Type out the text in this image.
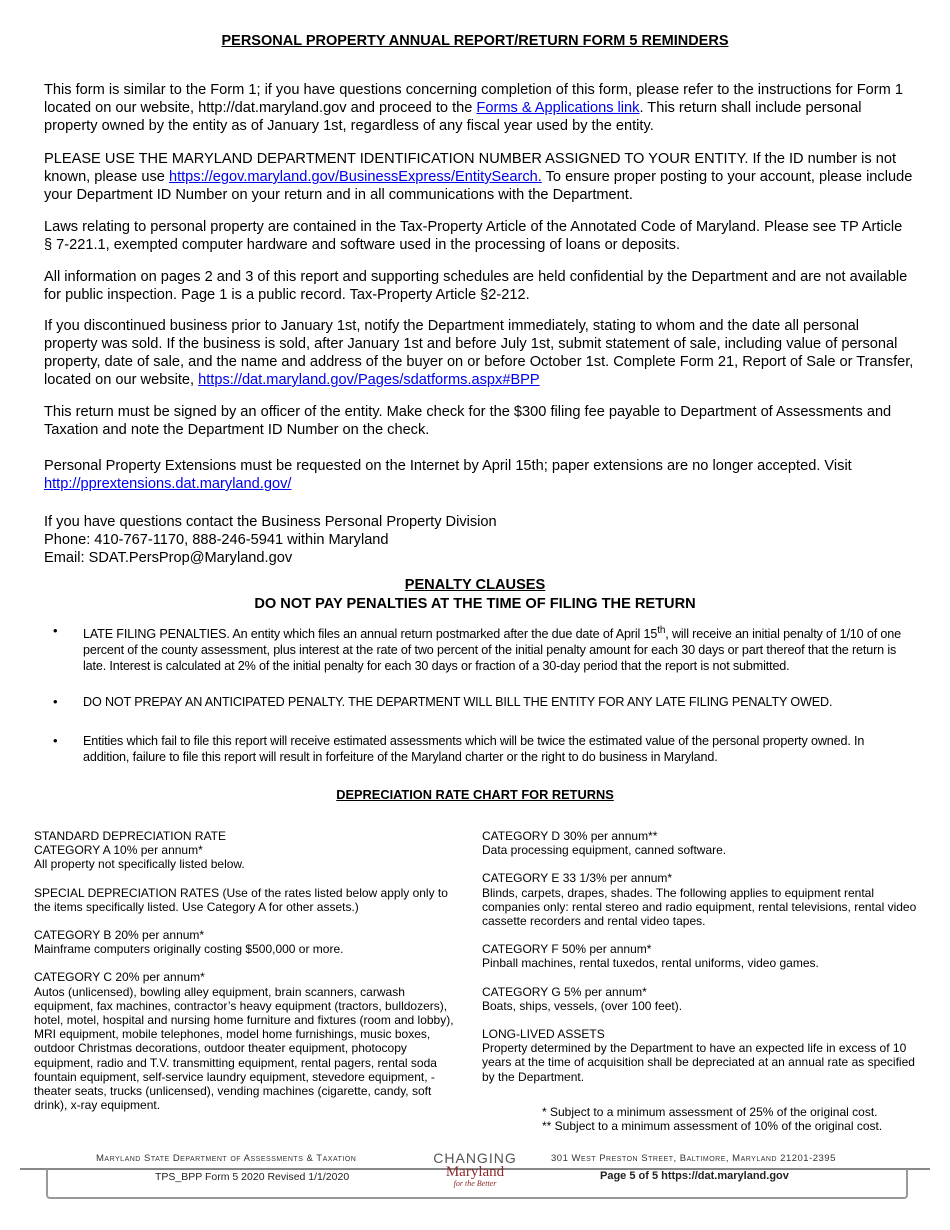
PERSONAL PROPERTY ANNUAL REPORT/RETURN FORM 5 REMINDERS

This form is similar to the Form 1; if you have questions concerning completion of this form, please refer to the instructions for Form 1 located on our website, http://dat.maryland.gov and proceed to the Forms & Applications link. This return shall include personal property owned by the entity as of January 1st, regardless of any fiscal year used by the entity.

PLEASE USE THE MARYLAND DEPARTMENT IDENTIFICATION NUMBER ASSIGNED TO YOUR ENTITY. If the ID number is not known, please use https://egov.maryland.gov/BusinessExpress/EntitySearch. To ensure proper posting to your account, please include your Department ID Number on your return and in all communications with the Department.

Laws relating to personal property are contained in the Tax-Property Article of the Annotated Code of Maryland. Please see TP Article § 7-221.1, exempted computer hardware and software used in the processing of loans or deposits.

All information on pages 2 and 3 of this report and supporting schedules are held confidential by the Department and are not available for public inspection. Page 1 is a public record. Tax-Property Article §2-212.

If you discontinued business prior to January 1st, notify the Department immediately, stating to whom and the date all personal property was sold. If the business is sold, after January 1st and before July 1st, submit statement of sale, including value of personal property, date of sale, and the name and address of the buyer on or before October 1st. Complete Form 21, Report of Sale or Transfer, located on our website, https://dat.maryland.gov/Pages/sdatforms.aspx#BPP

This return must be signed by an officer of the entity. Make check for the $300 filing fee payable to Department of Assessments and Taxation and note the Department ID Number on the check.

Personal Property Extensions must be requested on the Internet by April 15th; paper extensions are no longer accepted. Visit http://pprextensions.dat.maryland.gov/

If you have questions contact the Business Personal Property Division
Phone: 410-767-1170, 888-246-5941 within Maryland
Email: SDAT.PersProp@Maryland.gov
PENALTY CLAUSES
DO NOT PAY PENALTIES AT THE TIME OF FILING THE RETURN
• LATE FILING PENALTIES. An entity which files an annual return postmarked after the due date of April 15th, will receive an initial penalty of 1/10 of one percent of the county assessment, plus interest at the rate of two percent of the initial penalty amount for each 30 days or part thereof that the return is late. Interest is calculated at 2% of the initial penalty for each 30 days or fraction of a 30-day period that the report is not submitted.
• DO NOT PREPAY AN ANTICIPATED PENALTY. THE DEPARTMENT WILL BILL THE ENTITY FOR ANY LATE FILING PENALTY OWED.
• Entities which fail to file this report will receive estimated assessments which will be twice the estimated value of the personal property owned. In addition, failure to file this report will result in forfeiture of the Maryland charter or the right to do business in Maryland.
DEPRECIATION RATE CHART FOR RETURNS

STANDARD DEPRECIATION RATE
CATEGORY A 10% per annum*
All property not specifically listed below.

SPECIAL DEPRECIATION RATES (Use of the rates listed below apply only to the items specifically listed. Use Category A for other assets.)

CATEGORY B 20% per annum*
Mainframe computers originally costing $500,000 or more.

CATEGORY C 20% per annum*
Autos (unlicensed), bowling alley equipment, brain scanners, carwash equipment, fax machines, contractor’s heavy equipment (tractors, bulldozers), hotel, motel, hospital and nursing home furniture and fixtures (room and lobby), MRI equipment, mobile telephones, model home furnishings, music boxes, outdoor Christmas decorations, outdoor theater equipment, photocopy equipment, radio and T.V. transmitting equipment, rental pagers, rental soda fountain equipment, self-service laundry equipment, stevedore equipment, - theater seats, trucks (unlicensed), vending machines (cigarette, candy, soft drink), x-ray equipment.

CATEGORY D 30% per annum**
Data processing equipment, canned software.

CATEGORY E 33 1/3% per annum*
Blinds, carpets, drapes, shades. The following applies to equipment rental companies only: rental stereo and radio equipment, rental televisions, rental video cassette recorders and rental video tapes.

CATEGORY F 50% per annum*
Pinball machines, rental tuxedos, rental uniforms, video games.

CATEGORY G 5% per annum*
Boats, ships, vessels, (over 100 feet).

LONG-LIVED ASSETS
Property determined by the Department to have an expected life in excess of 10 years at the time of acquisition shall be depreciated at an annual rate as specified by the Department.

* Subject to a minimum assessment of 25% of the original cost.
** Subject to a minimum assessment of 10% of the original cost.
Maryland State Department of Assessments & Taxation	CHANGING
Maryland
for the Better
301 West Preston Street, Baltimore, Maryland 21201-2395
TPS_BPP Form 5 2020 Revised 1/1/2020	Page 5 of 5 https://dat.maryland.gov
